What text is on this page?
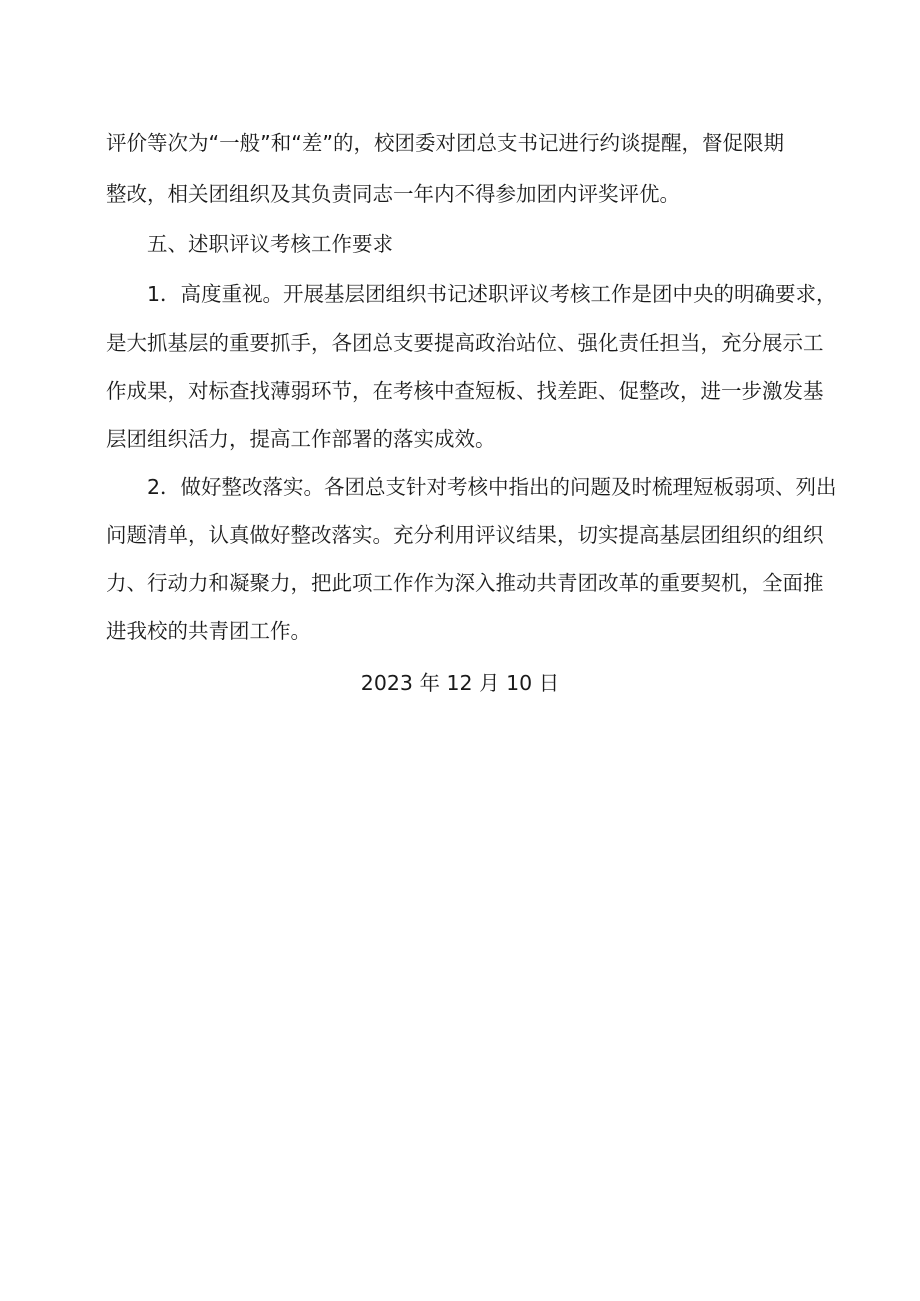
评价等次为“一般”和“差”的，校团委对团总支书记进行约谈提醒，督促限期
整改，相关团组织及其负责同志一年内不得参加团内评奖评优。
五、述职评议考核工作要求
1．高度重视。开展基层团组织书记述职评议考核工作是团中央的明确要求，
是大抓基层的重要抓手，各团总支要提高政治站位、强化责任担当，充分展示工
作成果，对标查找薄弱环节，在考核中查短板、找差距、促整改，进一步激发基
层团组织活力，提高工作部署的落实成效。
2．做好整改落实。各团总支针对考核中指出的问题及时梳理短板弱项、列出
问题清单，认真做好整改落实。充分利用评议结果，切实提高基层团组织的组织
力、行动力和凝聚力，把此项工作作为深入推动共青团改革的重要契机，全面推
进我校的共青团工作。
2023 年 12 月 10 日
